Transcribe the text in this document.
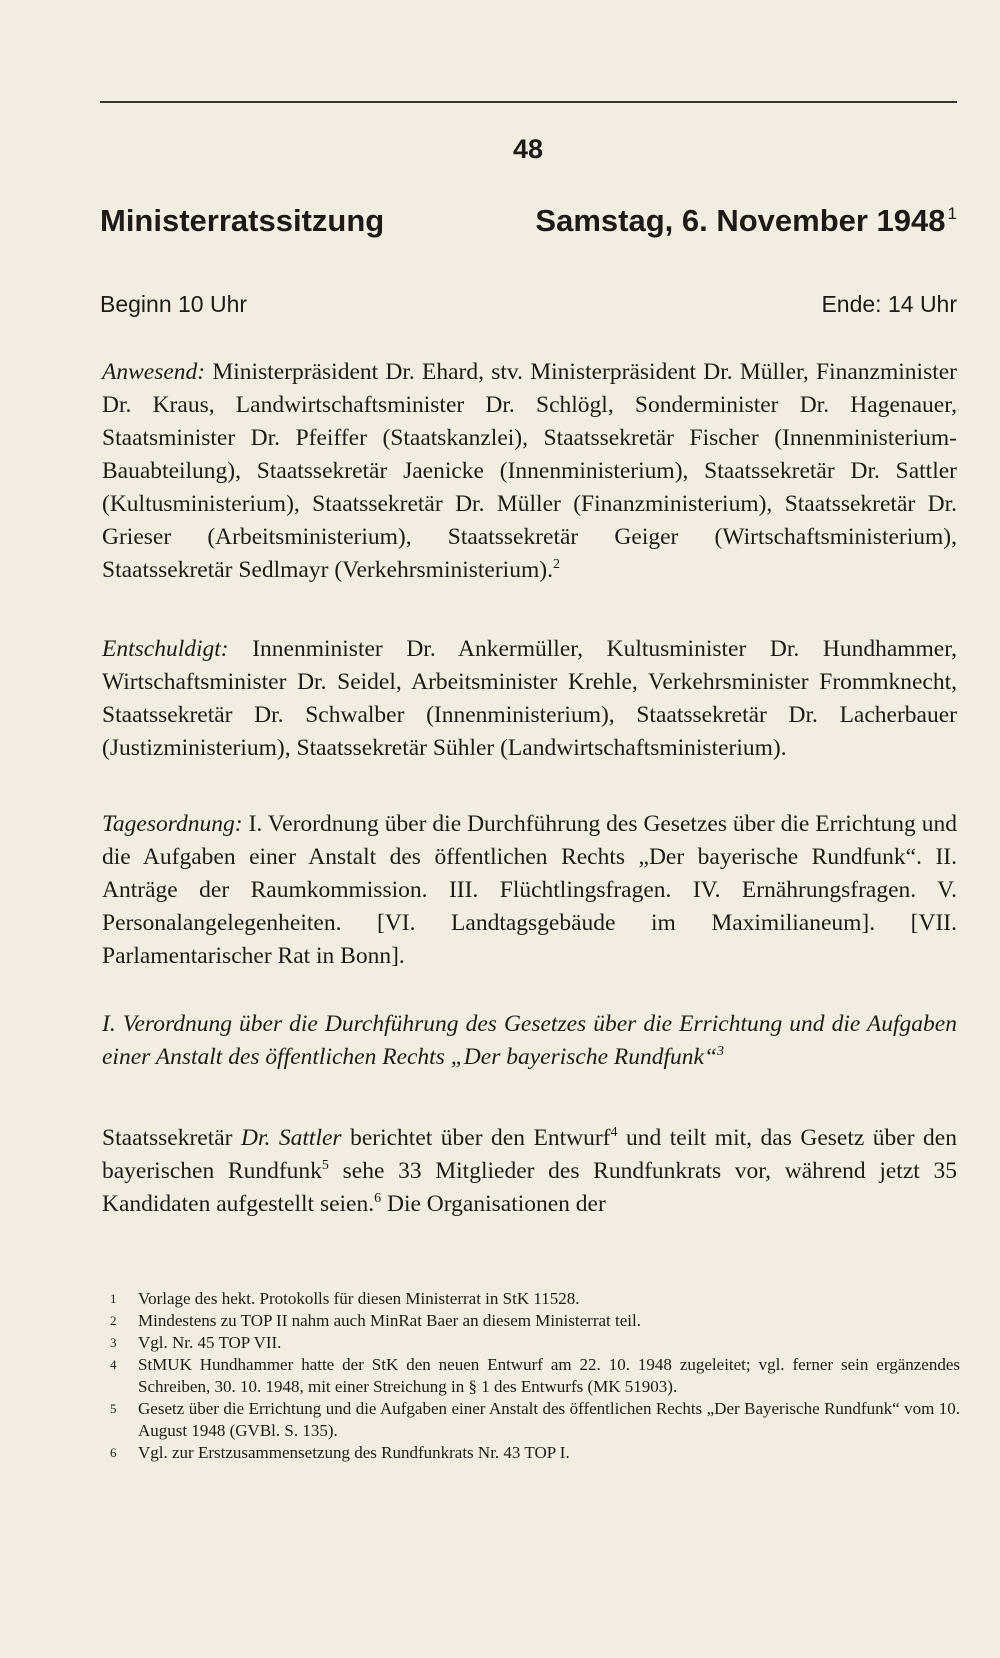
48
Ministerratssitzung	Samstag, 6. November 1948 $^1$
Beginn 10 Uhr	Ende: 14 Uhr
Anwesend: Ministerpräsident Dr. Ehard, stv. Ministerpräsident Dr. Müller, Finanzminister Dr. Kraus, Landwirtschaftsminister Dr. Schlögl, Sonderminister Dr. Hagenauer, Staatsminister Dr. Pfeiffer (Staatskanzlei), Staatssekretär Fischer (Innenministerium-Bauabteilung), Staatssekretär Jaenicke (Innenministerium), Staatssekretär Dr. Sattler (Kultusministerium), Staatssekretär Dr. Müller (Finanzministerium), Staatssekretär Dr. Grieser (Arbeitsministerium), Staatssekretär Geiger (Wirtschaftsministerium), Staatssekretär Sedlmayr (Verkehrsministerium).$^2$
Entschuldigt: Innenminister Dr. Ankermüller, Kultusminister Dr. Hundhammer, Wirtschaftsminister Dr. Seidel, Arbeitsminister Krehle, Verkehrsminister Frommknecht, Staatssekretär Dr. Schwalber (Innenministerium), Staatssekretär Dr. Lacherbauer (Justizministerium), Staatssekretär Sühler (Landwirtschaftsministerium).
Tagesordnung: I. Verordnung über die Durchführung des Gesetzes über die Errichtung und die Aufgaben einer Anstalt des öffentlichen Rechts „Der bayerische Rundfunk“. II. Anträge der Raumkommission. III. Flüchtlingsfragen. IV. Ernährungsfragen. V. Personalangelegenheiten. [VI. Landtagsgebäude im Maximilianeum]. [VII. Parlamentarischer Rat in Bonn].
I. Verordnung über die Durchführung des Gesetzes über die Errichtung und die Aufgaben einer Anstalt des öffentlichen Rechts „Der bayerische Rundfunk“$^3$
Staatssekretär Dr. Sattler berichtet über den Entwurf$^4$ und teilt mit, das Gesetz über den bayerischen Rundfunk$^5$ sehe 33 Mitglieder des Rundfunkrats vor, während jetzt 35 Kandidaten aufgestellt seien.$^6$ Die Organisationen der
1	Vorlage des hekt. Protokolls für diesen Ministerrat in StK 11528.
2	Mindestens zu TOP II nahm auch MinRat Baer an diesem Ministerrat teil.
3	Vgl. Nr. 45 TOP VII.
4	StMUK Hundhammer hatte der StK den neuen Entwurf am 22. 10. 1948 zugeleitet; vgl. ferner sein ergänzendes Schreiben, 30. 10. 1948, mit einer Streichung in § 1 des Entwurfs (MK 51903).
5	Gesetz über die Errichtung und die Aufgaben einer Anstalt des öffentlichen Rechts „Der Bayerische Rundfunk“ vom 10. August 1948 (GVBl. S. 135).
6	Vgl. zur Erstzusammensetzung des Rundfunkrats Nr. 43 TOP I.
